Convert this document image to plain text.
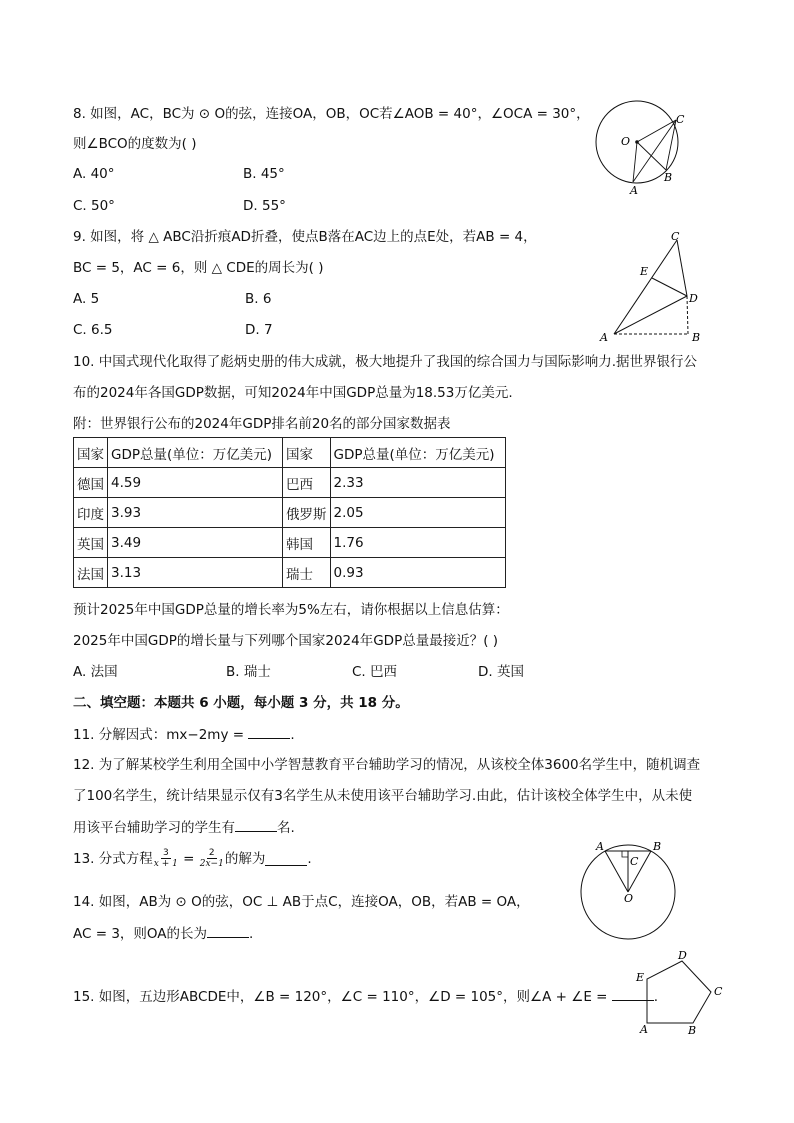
8. 如图，AC，BC为 ⊙ O的弦，连接OA，OB，OC若∠AOB = 40°，∠OCA = 30°，
则∠BCO的度数为( )
A. 40°	B. 45°
C. 50°	D. 55°
O
C
A
B
9. 如图，将 △ ABC沿折痕AD折叠，使点B落在AC边上的点E处，若AB = 4，
BC = 5，AC = 6，则 △ CDE的周长为( )
A. 5	B. 6
C. 6.5	D. 7
C
E
D
A	B
10. 中国式现代化取得了彪炳史册的伟大成就，极大地提升了我国的综合国力与国际影响力.据世界银行公
布的2024年各国GDP数据，可知2024年中国GDP总量为18.53万亿美元.
附：世界银行公布的2024年GDP排名前20名的部分国家数据表
国家	GDP总量(单位：万亿美元)	国家	GDP总量(单位：万亿美元)
德国	4.59	巴西	2.33
印度	3.93	俄罗斯	2.05
英国	3.49	韩国	1.76
法国	3.13	瑞士	0.93
预计2025年中国GDP总量的增长率为5%左右，请你根据以上信息估算：
2025年中国GDP的增长量与下列哪个国家2024年GDP总量最接近？( )
A. 法国	B. 瑞士	C. 巴西	D. 英国
二、填空题：本题共 6 小题，每小题 3 分，共 18 分。
11. 分解因式：mx−2my =	.
12. 为了解某校学生利用全国中小学智慧教育平台辅助学习的情况，从该校全体3600名学生中，随机调查
了100名学生，统计结果显示仅有3名学生从未使用该平台辅助学习.由此，估计该校全体学生中，从未使
用该平台辅助学习的学生有	名.
13. 分式方程 $\frac{3}{x + 1} = \frac{2}{2x-1}$ 的解为	.
14. 如图，AB为 ⊙ O的弦，OC ⊥ AB于点C，连接OA，OB，若AB = OA，
AC = 3，则OA的长为	.
A	B
C
O
15. 如图，五边形ABCDE中，∠B = 120°，∠C = 110°，∠D = 105°，则∠A + ∠E =	.
D
E
C
A	B
